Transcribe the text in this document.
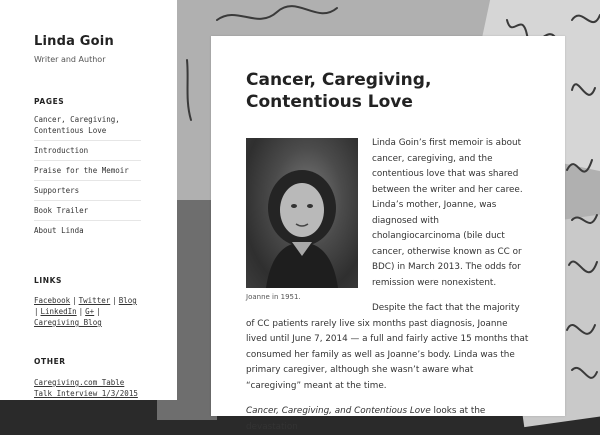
Linda Goin
Writer and Author
PAGES
Cancer, Caregiving, Contentious Love
Introduction
Praise for the Memoir
Supporters
Book Trailer
About Linda
LINKS
Facebook | Twitter | Blog
| LinkedIn | G+ |
Caregiving Blog
OTHER
Caregiving.com Table Talk Interview 1/3/2015
Cancer, Caregiving, Contentious Love
Joanne in 1951.

Linda Goin’s first memoir is about cancer, caregiving, and the contentious love that was shared between the writer and her caree. Linda’s mother, Joanne, was diagnosed with cholangiocarcinoma (bile duct cancer, otherwise known as CC or BDC) in March 2013. The odds for remission were nonexistent.

Despite the fact that the majority of CC patients rarely live six months past diagnosis, Joanne lived until June 7, 2014 — a full and fairly active 15 months that consumed her family as well as Joanne’s body. Linda was the primary caregiver, although she wasn’t aware what “caregiving” meant at the time.

Cancer, Caregiving, and Contentious Love looks at the devastation
